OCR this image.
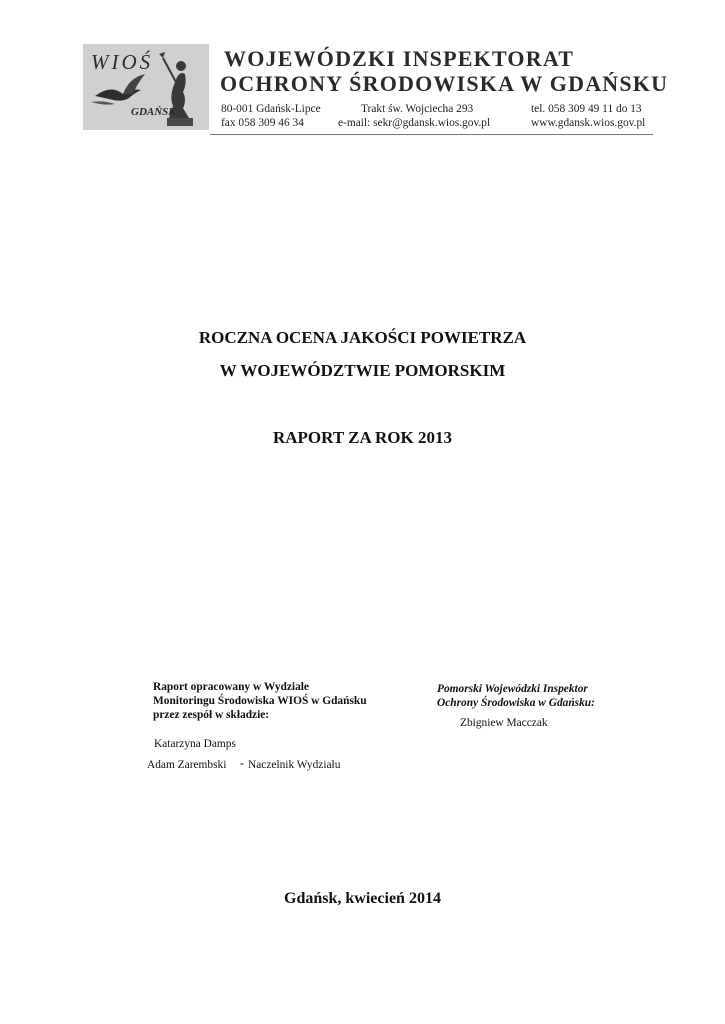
WIOŚ
GDAŃSK
WOJEWÓDZKI INSPEKTORAT
OCHRONY ŚRODOWISKA W GDAŃSKU
80-001 Gdańsk-Lipce	Trakt św. Wojciecha 293	tel. 058 309 49 11 do 13
fax 058 309 46 34	e-mail: sekr@gdansk.wios.gov.pl	www.gdansk.wios.gov.pl
ROCZNA OCENA JAKOŚCI POWIETRZA
W WOJEWÓDZTWIE POMORSKIM
RAPORT ZA ROK 2013
Raport opracowany w Wydziale
Monitoringu Środowiska WIOŚ w Gdańsku
przez zespół w składzie:
Katarzyna Damps
Adam Zarembski - Naczelnik Wydziału
Pomorski Wojewódzki Inspektor
Ochrony Środowiska w Gdańsku:
Zbigniew Macczak
Gdańsk, kwiecień 2014
